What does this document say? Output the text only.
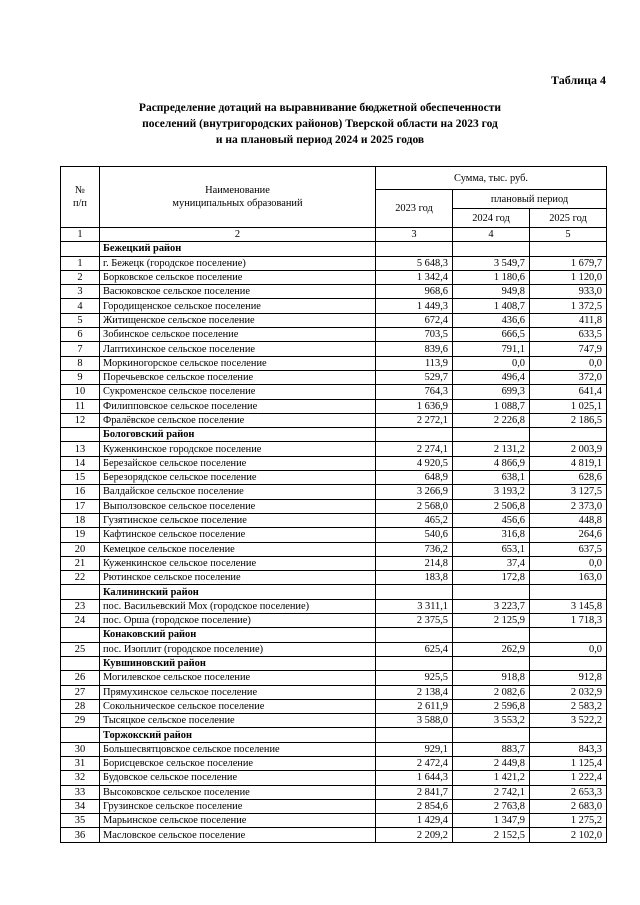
Таблица 4
Распределение дотаций на выравнивание бюджетной обеспеченности
поселений (внутригородских районов) Тверской области на 2023 год
и на плановый период 2024 и 2025 годов
№
п/п	Наименование
муниципальных образований	Сумма, тыс. руб.		
		2023 год	плановый период	
			2024 год	2025 год
1	2	3	4	5
	Бежецкий район			
1	г. Бежецк (городское поселение)	5 648,3	3 549,7	1 679,7
2	Борковское сельское поселение	1 342,4	1 180,6	1 120,0
3	Васюковское сельское поселение	968,6	949,8	933,0
4	Городищенское сельское поселение	1 449,3	1 408,7	1 372,5
5	Житищенское сельское поселение	672,4	436,6	411,8
6	Зобинское сельское поселение	703,5	666,5	633,5
7	Лаптихинское сельское поселение	839,6	791,1	747,9
8	Моркиногорское сельское поселение	113,9	0,0	0,0
9	Поречьевское сельское поселение	529,7	496,4	372,0
10	Сукроменское сельское поселение	764,3	699,3	641,4
11	Филипповское сельское поселение	1 636,9	1 088,7	1 025,1
12	Фралёвское сельское поселение	2 272,1	2 226,8	2 186,5
	Бологовский район			
13	Куженкинское городское поселение	2 274,1	2 131,2	2 003,9
14	Березайское сельское поселение	4 920,5	4 866,9	4 819,1
15	Березорядское сельское поселение	648,9	638,1	628,6
16	Валдайское сельское поселение	3 266,9	3 193,2	3 127,5
17	Выползовское сельское поселение	2 568,0	2 506,8	2 373,0
18	Гузятинское сельское поселение	465,2	456,6	448,8
19	Кафтинское сельское поселение	540,6	316,8	264,6
20	Кемецкое сельское поселение	736,2	653,1	637,5
21	Куженкинское сельское поселение	214,8	37,4	0,0
22	Рютинское сельское поселение	183,8	172,8	163,0
	Калининский район			
23	пос. Васильевский Мох (городское поселение)	3 311,1	3 223,7	3 145,8
24	пос. Орша (городское поселение)	2 375,5	2 125,9	1 718,3
	Конаковский район			
25	пос. Изоплит (городское поселение)	625,4	262,9	0,0
	Кувшиновский район			
26	Могилевское сельское поселение	925,5	918,8	912,8
27	Прямухинское сельское поселение	2 138,4	2 082,6	2 032,9
28	Сокольническое сельское поселение	2 611,9	2 596,8	2 583,2
29	Тысяцкое сельское поселение	3 588,0	3 553,2	3 522,2
	Торжокский район			
30	Большесвятцовское сельское поселение	929,1	883,7	843,3
31	Борисцевское сельское поселение	2 472,4	2 449,8	1 125,4
32	Будовское сельское поселение	1 644,3	1 421,2	1 222,4
33	Высоковское сельское поселение	2 841,7	2 742,1	2 653,3
34	Грузинское сельское поселение	2 854,6	2 763,8	2 683,0
35	Марьинское сельское поселение	1 429,4	1 347,9	1 275,2
36	Масловское сельское поселение	2 209,2	2 152,5	2 102,0
